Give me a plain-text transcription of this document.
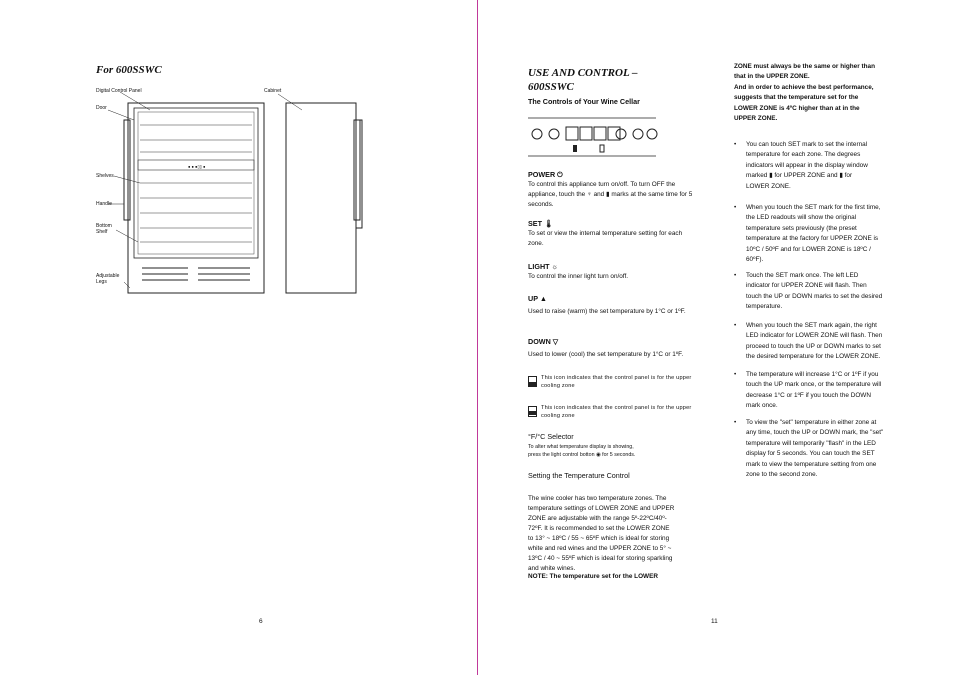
For 600SSWC
● ● ●▯▯ ●
Digital Control Panel
Door
Shelves
Handle
Bottom
Shelf
Adjustable
Legs
Cabinet
6
USE AND CONTROL –
600SSWC
The Controls of Your Wine Cellar
POWER ⏻
To control this appliance turn on/off. To turn OFF the appliance, touch the ♆ and ▮ marks at the same time for 5 seconds.
SET 🌡
To set or view the internal temperature setting for each zone.
LIGHT ☼
To control the inner light turn on/off.
UP ▲
Used to raise (warm) the set temperature by 1°C or 1ºF.
DOWN ▽
Used to lower (cool) the set temperature by 1°C or 1ºF.
This icon indicates that the control panel is for the upper cooling zone
This icon indicates that the control panel is for the upper cooling zone
°F/°C Selector
To alter what temperature display is showing,
press the light control botton ◉ for 5 seconds.
Setting the Temperature Control
The wine cooler has two temperature zones. The
temperature settings of LOWER ZONE and UPPER
ZONE are adjustable with the range 5º-22ºC/40º-
72ºF. It is recommended to set the LOWER ZONE
to 13° ~ 18ºC / 55 ~ 65ºF which is ideal for storing
white and red wines and the UPPER ZONE to 5° ~
13ºC / 40 ~ 55ºF which is ideal for storing sparkling
and white wines.
NOTE: The temperature set for the LOWER
ZONE must always be the same or higher than
that in the UPPER ZONE.
And in order to achieve the best performance,
suggests that the temperature set for the
LOWER ZONE is 4ºC higher than at in the
UPPER ZONE.
• You can touch SET mark to set the internal
temperature for each zone. The degrees
indicators will appear in the display window
marked ▮ for UPPER ZONE and ▮ for
LOWER ZONE.
• When you touch the SET mark for the first time,
the LED readouts will show the original
temperature sets previously (the preset
temperature at the factory for UPPER ZONE is
10ºC / 50ºF and for LOWER ZONE is 18ºC /
60ºF).
• Touch the SET mark once. The left LED
indicator for UPPER ZONE will flash. Then
touch the UP or DOWN marks to set the desired
temperature.
• When you touch the SET mark again, the right
LED indicator for LOWER ZONE will flash. Then
proceed to touch the UP or DOWN marks to set
the desired temperature for the LOWER ZONE.
• The temperature will increase 1°C or 1ºF if you
touch the UP mark once, or the temperature will
decrease 1°C or 1ºF if you touch the DOWN
mark once.
• To view the "set" temperature in either zone at
any time, touch the UP or DOWN mark, the "set"
temperature will temporarily "flash" in the LED
display for 5 seconds. You can touch the SET
mark to view the temperature setting from one
zone to the second zone.
11
